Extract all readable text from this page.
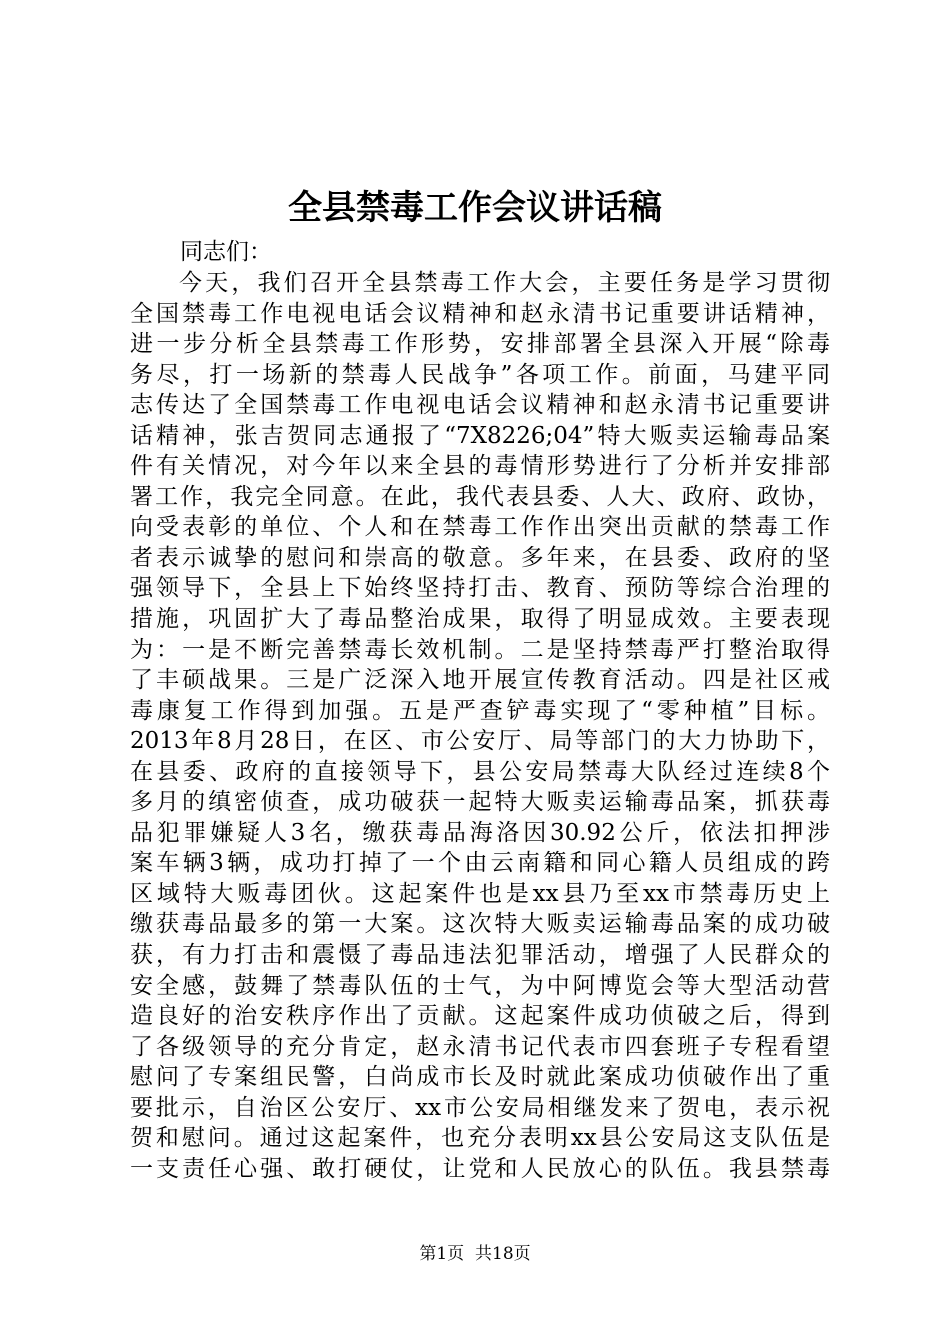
全县禁毒工作会议讲话稿

同志们：

今天，我们召开全县禁毒工作大会，主要任务是学习贯彻
全国禁毒工作电视电话会议精神和赵永清书记重要讲话精神，
进一步分析全县禁毒工作形势，安排部署全县深入开展“除毒
务尽，打一场新的禁毒人民战争”各项工作。前面，马建平同
志传达了全国禁毒工作电视电话会议精神和赵永清书记重要讲
话精神，张吉贺同志通报了“7X8226;04”特大贩卖运输毒品案
件有关情况，对今年以来全县的毒情形势进行了分析并安排部
署工作，我完全同意。在此，我代表县委、人大、政府、政协，
向受表彰的单位、个人和在禁毒工作作出突出贡献的禁毒工作
者表示诚挚的慰问和崇高的敬意。多年来，在县委、政府的坚
强领导下，全县上下始终坚持打击、教育、预防等综合治理的
措施，巩固扩大了毒品整治成果，取得了明显成效。主要表现
为：一是不断完善禁毒长效机制。二是坚持禁毒严打整治取得
了丰硕战果。三是广泛深入地开展宣传教育活动。四是社区戒
毒康复工作得到加强。五是严查铲毒实现了“零种植”目标。
2013年8月28日，在区、市公安厅、局等部门的大力协助下，
在县委、政府的直接领导下，县公安局禁毒大队经过连续8个
多月的缜密侦查，成功破获一起特大贩卖运输毒品案，抓获毒
品犯罪嫌疑人3名，缴获毒品海洛因30.92公斤，依法扣押涉
案车辆3辆，成功打掉了一个由云南籍和同心籍人员组成的跨
区域特大贩毒团伙。这起案件也是xx县乃至xx市禁毒历史上
缴获毒品最多的第一大案。这次特大贩卖运输毒品案的成功破
获，有力打击和震慑了毒品违法犯罪活动，增强了人民群众的
安全感，鼓舞了禁毒队伍的士气，为中阿博览会等大型活动营
造良好的治安秩序作出了贡献。这起案件成功侦破之后，得到
了各级领导的充分肯定，赵永清书记代表市四套班子专程看望
慰问了专案组民警，白尚成市长及时就此案成功侦破作出了重
要批示，自治区公安厅、xx市公安局相继发来了贺电，表示祝
贺和慰问。通过这起案件，也充分表明xx县公安局这支队伍是
一支责任心强、敢打硬仗，让党和人民放心的队伍。我县禁毒
第1页 共18页
